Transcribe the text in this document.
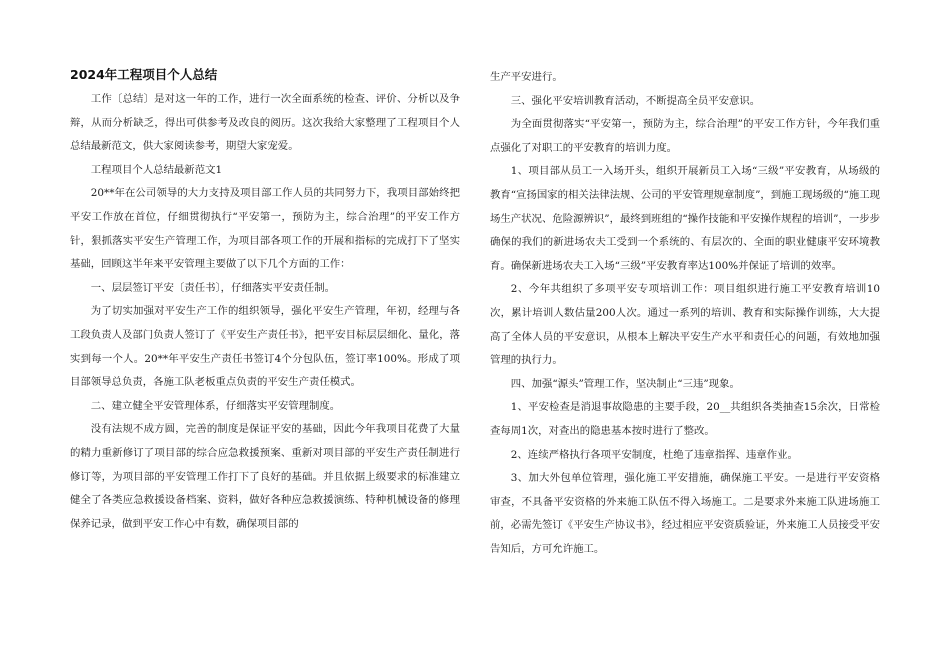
2024年工程项目个人总结

工作〔总结〕是对这一年的工作，进行一次全面系统的检查、评价、分析以及争辩，从而分析缺乏，得出可供参考及改良的阅历。这次我给大家整理了工程项目个人总结最新范文，供大家阅读参考，期望大家宠爱。

工程项目个人总结最新范文1

20**年在公司领导的大力支持及项目部工作人员的共同努力下，我项目部始终把平安工作放在首位，仔细贯彻执行“平安第一，预防为主，综合治理”的平安工作方针，狠抓落实平安生产管理工作，为项目部各项工作的开展和指标的完成打下了坚实基础，回顾这半年来平安管理主要做了以下几个方面的工作：

一、层层签订平安〔责任书〕，仔细落实平安责任制。

为了切实加强对平安生产工作的组织领导，强化平安生产管理，年初，经理与各工段负责人及部门负责人签订了《平安生产责任书》，把平安目标层层细化、量化，落实到每一个人。20**年平安生产责任书签订4个分包队伍，签订率100%。形成了项目部领导总负责，各施工队老板重点负责的平安生产责任模式。

二、建立健全平安管理体系，仔细落实平安管理制度。

没有法规不成方圆，完善的制度是保证平安的基础，因此今年我项目花费了大量的精力重新修订了项目部的综合应急救援预案、重新对项目部的平安生产责任制进行修订等，为项目部的平安管理工作打下了良好的基础。并且依据上级要求的标准建立健全了各类应急救援设备档案、资料，做好各种应急救援演练、特种机械设备的修理保养记录，做到平安工作心中有数，确保项目部的

生产平安进行。

三、强化平安培训教育活动，不断提高全员平安意识。

为全面贯彻落实“平安第一，预防为主，综合治理”的平安工作方针，今年我们重点强化了对职工的平安教育的培训力度。

1、项目部从员工一入场开头，组织开展新员工入场“三级”平安教育，从场级的教育“宣扬国家的相关法律法规、公司的平安管理规章制度”，到施工现场级的“施工现场生产状况、危险源辨识”，最终到班组的“操作技能和平安操作规程的培训”，一步步确保的我们的新进场农夫工受到一个系统的、有层次的、全面的职业健康平安环境教育。确保新进场农夫工入场“三级”平安教育率达100%并保证了培训的效率。

2、今年共组织了多项平安专项培训工作：项目组织进行施工平安教育培训10次，累计培训人数估量200人次。通过一系列的培训、教育和实际操作训练，大大提高了全体人员的平安意识，从根本上解决平安生产水平和责任心的问题，有效地加强管理的执行力。

四、加强“源头”管理工作，坚决制止“三违”现象。

1、平安检查是消退事故隐患的主要手段，20__共组织各类抽查15余次，日常检查每周1次，对查出的隐患基本按时进行了整改。

2、连续严格执行各项平安制度，杜绝了违章指挥、违章作业。

3、加大外包单位管理，强化施工平安措施，确保施工平安。一是进行平安资格审查，不具备平安资格的外来施工队伍不得入场施工。二是要求外来施工队进场施工前，必需先签订《平安生产协议书》，经过相应平安资质验证，外来施工人员接受平安告知后，方可允许施工。
